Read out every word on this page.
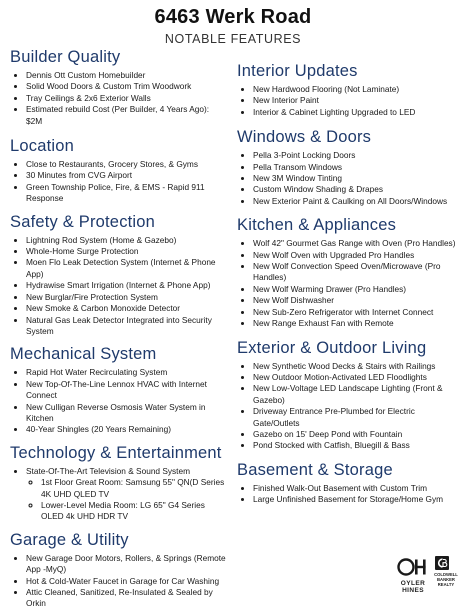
6463 Werk Road
NOTABLE FEATURES
Builder Quality
• Dennis Ott Custom Homebuilder
• Solid Wood Doors & Custom Trim Woodwork
• Tray Ceilings & 2x6 Exterior Walls
• Estimated rebuild Cost (Per Builder, 4 Years Ago): $2M
Location
• Close to Restaurants, Grocery Stores, & Gyms
• 30 Minutes from CVG Airport
• Green Township Police, Fire, & EMS - Rapid 911 Response
Safety & Protection
• Lightning Rod System (Home & Gazebo)
• Whole-Home Surge Protection
• Moen Flo Leak Detection System (Internet & Phone App)
• Hydrawise Smart Irrigation (Internet & Phone App)
• New Burglar/Fire Protection System
• New Smoke & Carbon Monoxide Detector
• Natural Gas Leak Detector Integrated into Security System
Mechanical System
• Rapid Hot Water Recirculating System
• New Top-Of-The-Line Lennox HVAC with Internet Connect
• New Culligan Reverse Osmosis Water System in Kitchen
• 40-Year Shingles (20 Years Remaining)
Technology & Entertainment
• State-Of-The-Art Television & Sound System
◦ 1st Floor Great Room: Samsung 55" QN(D Series 4K UHD QLED TV
◦ Lower-Level Media Room: LG 65" G4 Series OLED 4k UHD HDR TV
Garage & Utility
• New Garage Door Motors, Rollers, & Springs (Remote App -MyQ)
• Hot & Cold-Water Faucet in Garage for Car Washing
• Attic Cleaned, Sanitized, Re-Insulated & Sealed by Orkin
Interior Updates
• New Hardwood Flooring (Not Laminate)
• New Interior Paint
• Interior & Cabinet Lighting Upgraded to LED
Windows & Doors
• Pella 3-Point Locking Doors
• Pella Transom Windows
• New 3M Window Tinting
• Custom Window Shading & Drapes
• New Exterior Paint & Caulking on All Doors/Windows
Kitchen & Appliances
• Wolf 42" Gourmet Gas Range with Oven (Pro Handles)
• New Wolf Oven with Upgraded Pro Handles
• New Wolf Convection Speed Oven/Microwave (Pro Handles)
• New Wolf Warming Drawer (Pro Handles)
• New Wolf Dishwasher
• New Sub-Zero Refrigerator with Internet Connect
• New Range Exhaust Fan with Remote
Exterior & Outdoor Living
• New Synthetic Wood Decks & Stairs with Railings
• New Outdoor Motion-Activated LED Floodlights
• New Low-Voltage LED Landscape Lighting (Front & Gazebo)
• Driveway Entrance Pre-Plumbed for Electric Gate/Outlets
• Gazebo on 15' Deep Pond with Fountain
• Pond Stocked with Catfish, Bluegill & Bass
Basement & Storage
• Finished Walk-Out Basement with Custom Trim
• Large Unfinished Basement for Storage/Home Gym
OYLER
HINES
COLDWELL
BANKER
REALTY
